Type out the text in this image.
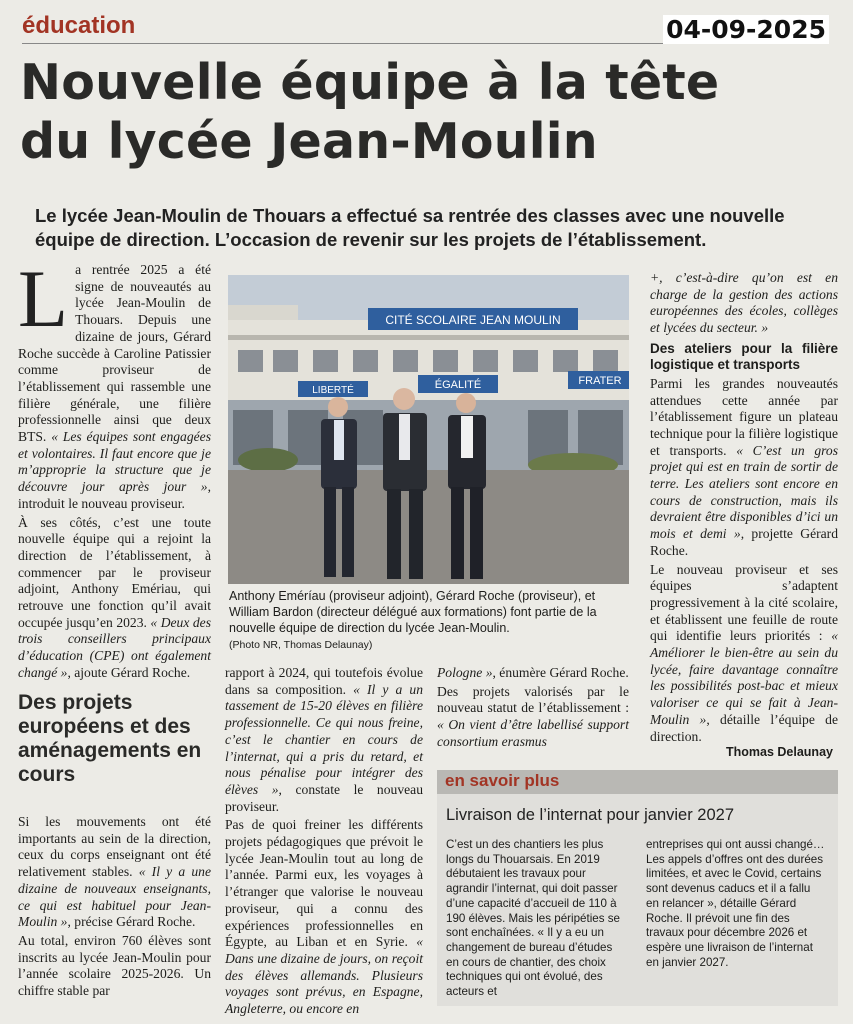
éducation	04-09-2025
Nouvelle équipe à la tête
du lycée Jean-Moulin
Le lycée Jean-Moulin de Thouars a effectué sa rentrée des classes avec une nouvelle équipe de direction. L’occasion de revenir sur les projets de l’établissement.

La rentrée 2025 a été signe de nouveautés au lycée Jean-Moulin de Thouars. Depuis une dizaine de jours, Gérard Roche succède à Caroline Patissier comme proviseur de l’établissement qui rassemble une filière générale, une filière professionnelle ainsi que deux BTS. « Les équipes sont engagées et volontaires. Il faut encore que je m’approprie la structure que je découvre jour après jour », introduit le nouveau proviseur.

À ses côtés, c’est une toute nouvelle équipe qui a rejoint la direction de l’établissement, à commencer par le proviseur adjoint, Anthony Emériau, qui retrouve une fonction qu’il avait occupée jusqu’en 2023. « Deux des trois conseillers principaux d’éducation (CPE) ont également changé », ajoute Gérard Roche.

Des projets européens et des aménagements en cours

Si les mouvements ont été importants au sein de la direction, ceux du corps enseignant ont été relativement stables. « Il y a une dizaine de nouveaux enseignants, ce qui est habituel pour Jean-Moulin », précise Gérard Roche.

Au total, environ 760 élèves sont inscrits au lycée Jean-Moulin pour l’année scolaire 2025-2026. Un chiffre stable par

CITÉ SCOLAIRE JEAN MOULIN
LIBERTÉ	ÉGALITÉ	FRATER
Anthony Eméríau (proviseur adjoint), Gérard Roche (proviseur), et William Bardon (directeur délégué aux formations) font partie de la nouvelle équipe de direction du lycée Jean-Moulin.
(Photo NR, Thomas Delaunay)

rapport à 2024, qui toutefois évolue dans sa composition. « Il y a un tassement de 15-20 élèves en filière professionnelle. Ce qui nous freine, c’est le chantier en cours de l’internat, qui a pris du retard, et nous pénalise pour intégrer des élèves », constate le nouveau proviseur.

Pas de quoi freiner les différents projets pédagogiques que prévoit le lycée Jean-Moulin tout au long de l’année. Parmi eux, les voyages à l’étranger que valorise le nouveau proviseur, qui a connu des expériences professionnelles en Égypte, au Liban et en Syrie. « Dans une dizaine de jours, on reçoit des élèves allemands. Plusieurs voyages sont prévus, en Espagne, Angleterre, ou encore en

Pologne », énumère Gérard Roche.

Des projets valorisés par le nouveau statut de l’établissement : « On vient d’être labellisé support consortium erasmus

+, c’est-à-dire qu’on est en charge de la gestion des actions européennes des écoles, collèges et lycées du secteur. »

Des ateliers pour la filière logistique et transports

Parmi les grandes nouveautés attendues cette année par l’établissement figure un plateau technique pour la filière logistique et transports. « C’est un gros projet qui est en train de sortir de terre. Les ateliers sont encore en cours de construction, mais ils devraient être disponibles d’ici un mois et demi », projette Gérard Roche.

Le nouveau proviseur et ses équipes s’adaptent progressivement à la cité scolaire, et établissent une feuille de route qui identifie leurs priorités : « Améliorer le bien-être au sein du lycée, faire davantage connaître les possibilités post-bac et mieux valoriser ce qui se fait à Jean-Moulin », détaille l’équipe de direction.

Thomas Delaunay
en savoir plus
Livraison de l’internat pour janvier 2027

C’est un des chantiers les plus longs du Thouarsais. En 2019 débutaient les travaux pour agrandir l’internat, qui doit passer d’une capacité d’accueil de 110 à 190 élèves. Mais les péripéties se sont enchaînées. « Il y a eu un changement de bureau d’études en cours de chantier, des choix techniques qui ont évolué, des acteurs et

entreprises qui ont aussi changé… Les appels d’offres ont des durées limitées, et avec le Covid, certains sont devenus caducs et il a fallu en relancer », détaille Gérard Roche. Il prévoit une fin des travaux pour décembre 2026 et espère une livraison de l’internat en janvier 2027.
